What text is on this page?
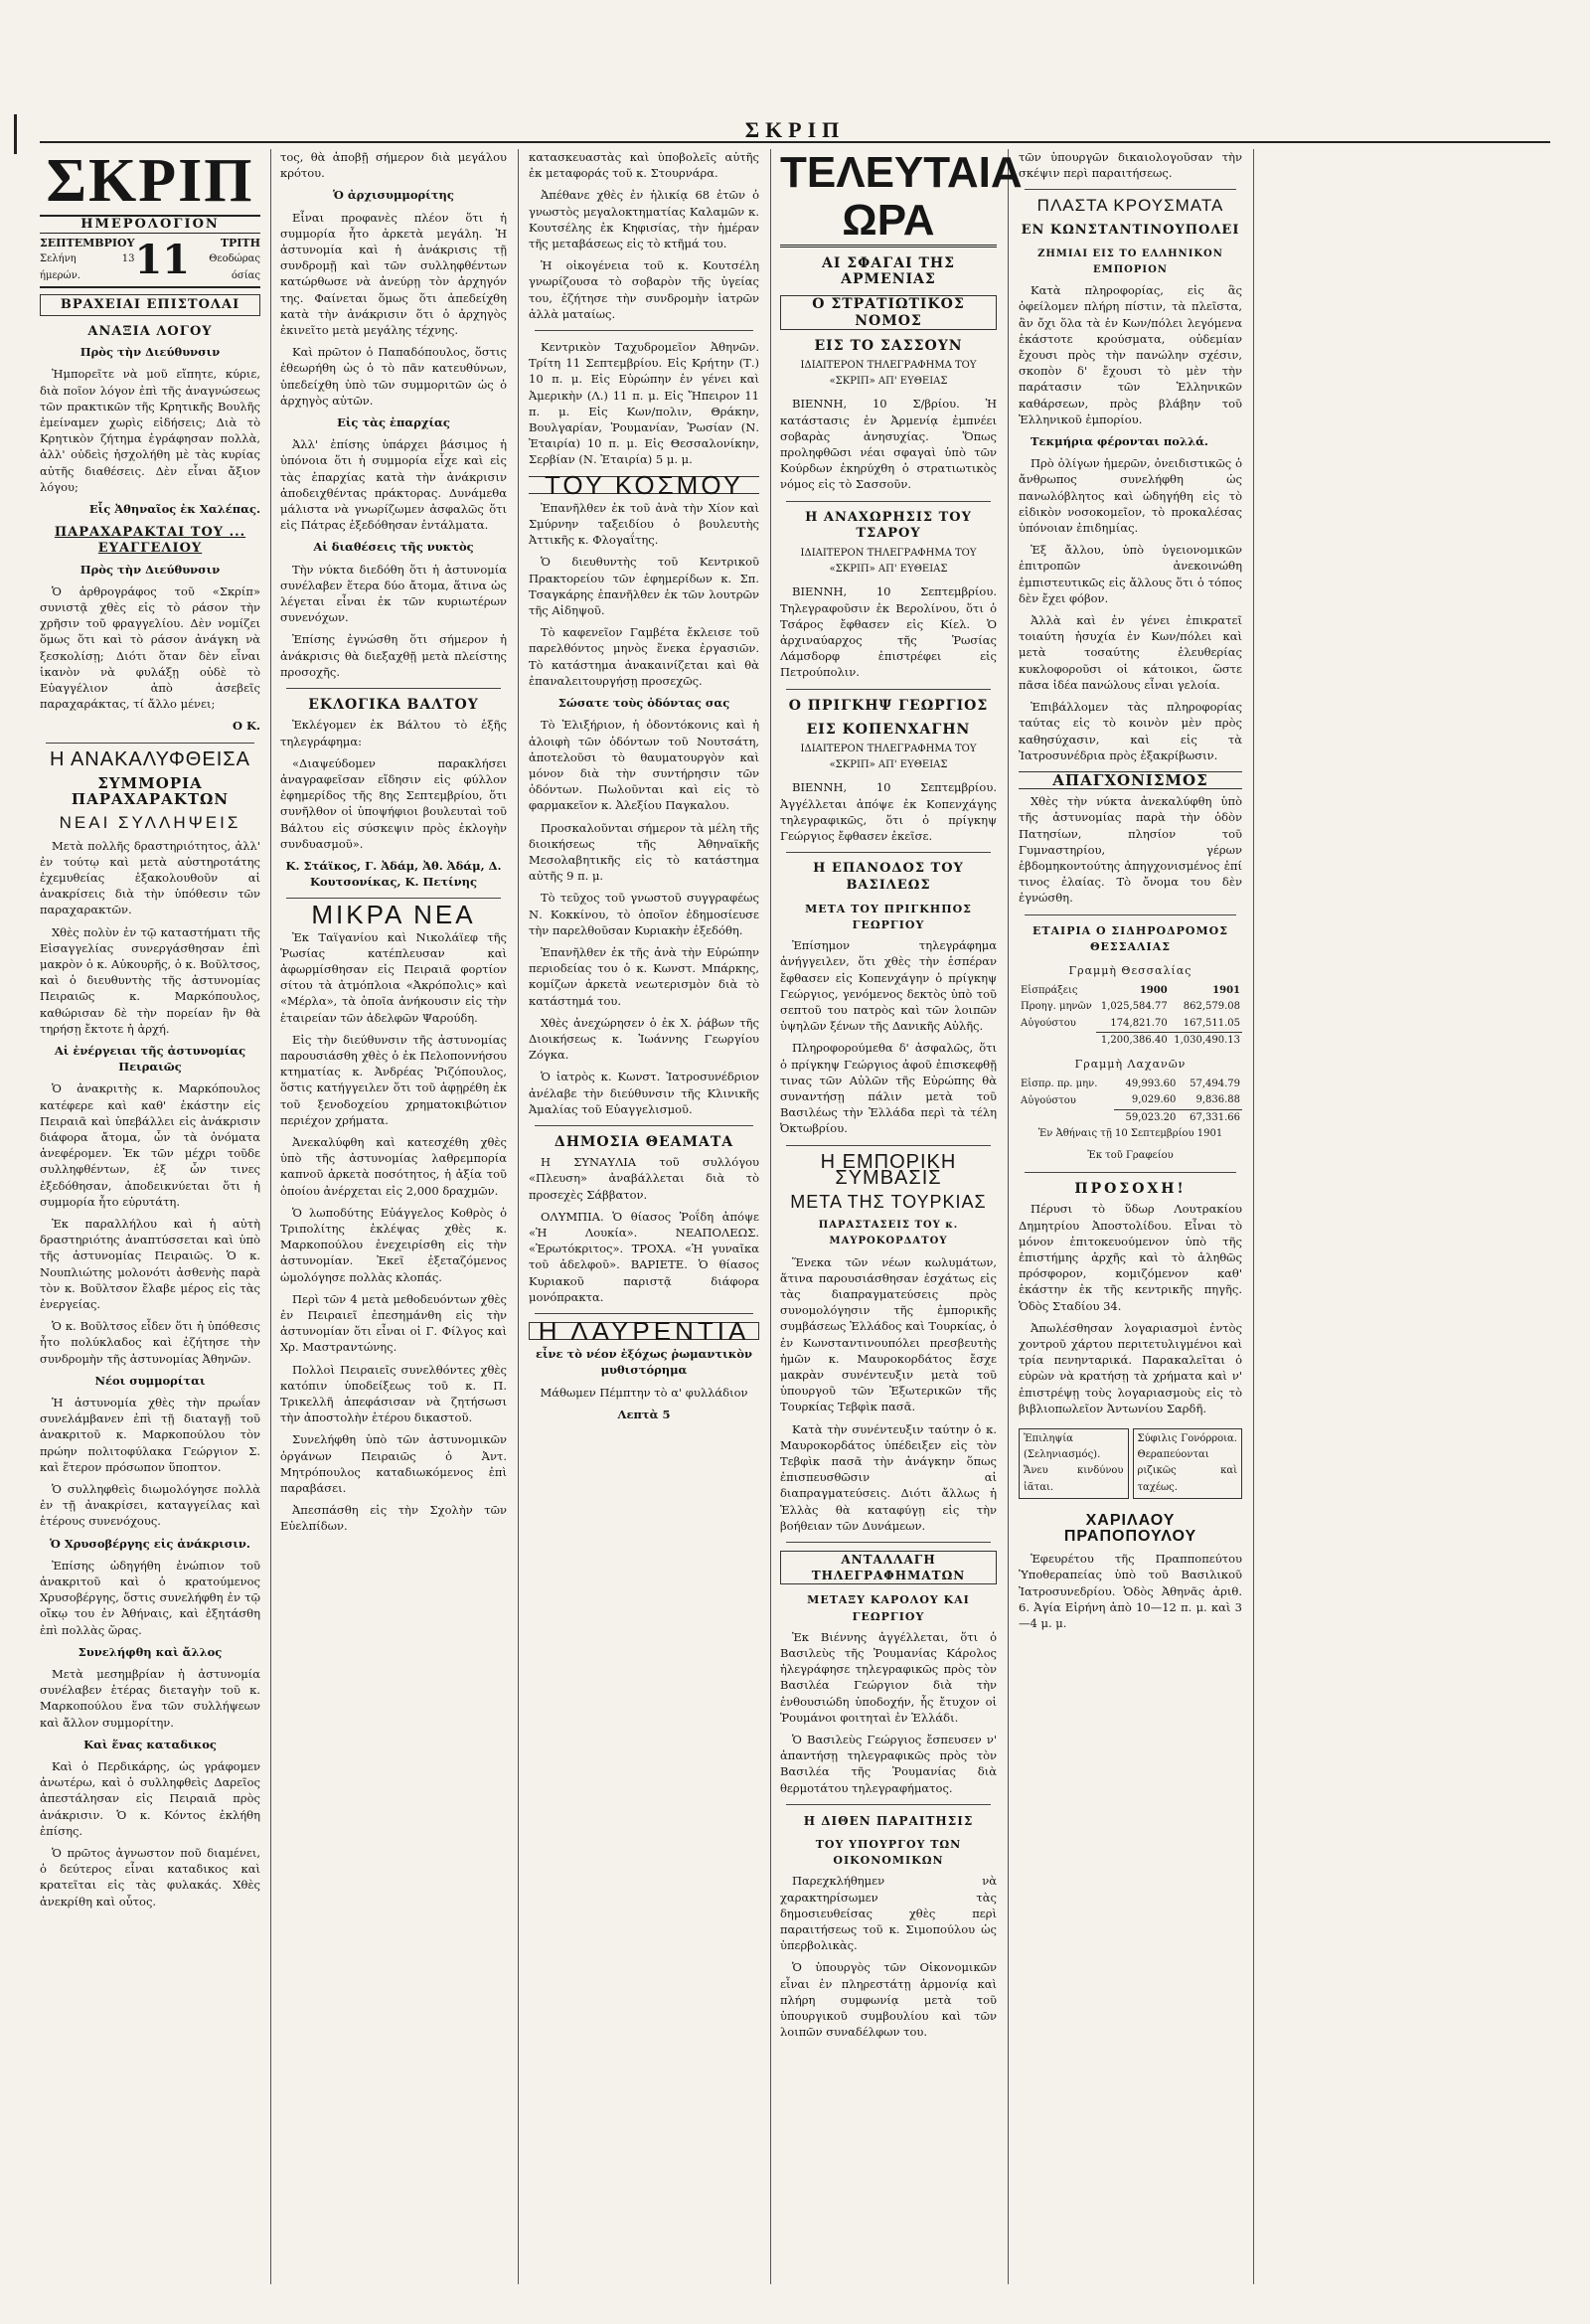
ΣΚΡΙΠ
ΣΚΡΙΠ
ΗΜΕΡΟΛΟΓΙΟΝ
ΣΕΠΤΕΜΒΡΙΟΥ
Σελήνη 13 ήμερών.	11	ΤΡΙΤΗ
Θεοδώρας όσίας
ΒΡΑΧΕΙΑΙ ΕΠΙΣΤΟΛΑΙ
ΑΝΑΞΙΑ ΛΟΓΟΥ

Πρὸς τὴν Διεύθυνσιν

Ἠμπορεῖτε νὰ μοῦ εἴπητε, κύριε, διὰ ποῖον λόγον ἐπὶ τῆς ἀναγνώσεως τῶν πρακτικῶν τῆς Κρητικῆς Βουλῆς ἐμείναμεν χωρὶς εἰδήσεις; Διὰ τὸ Κρητικὸν ζήτημα ἐγράφησαν πολλὰ, ἀλλ' οὐδεὶς ἠσχολήθη μὲ τὰς κυρίας αὐτῆς διαθέσεις. Δὲν εἶναι ἄξιον λόγου;

Εἷς Ἀθηναῖος ἐκ Χαλέπας.

ΠΑΡΑΧΑΡΑΚΤΑΙ ΤΟΥ ... ΕΥΑΓΓΕΛΙΟΥ

Πρὸς τὴν Διεύθυνσιν

Ὁ ἀρθρογράφος τοῦ «Σκρίπ» συνιστᾷ χθὲς εἰς τὸ ράσον τὴν χρῆσιν τοῦ φραγγελίου. Δὲν νομίζει ὅμως ὅτι καὶ τὸ ράσον ἀνάγκη νὰ ξεσκολίσῃ; Διότι ὅταν δὲν εἶναι ἱκανὸν νὰ φυλάξῃ οὐδὲ τὸ Εὐαγγέλιον ἀπὸ ἀσεβεῖς παραχαράκτας, τί ἄλλο μένει;

Ο Κ.

Η ΑΝΑΚΑΛΥΦΘΕΙΣΑ
ΣΥΜΜΟΡΙΑ ΠΑΡΑΧΑΡΑΚΤΩΝ
ΝΕΑΙ ΣΥΛΛΗΨΕΙΣ

Μετὰ πολλῆς δραστηριότητος, ἀλλ' ἐν τούτῳ καὶ μετὰ αὐστηροτάτης ἐχεμυθείας ἐξακολουθοῦν αἱ ἀνακρίσεις διὰ τὴν ὑπόθεσιν τῶν παραχαρακτῶν.

Χθὲς πολὺν ἐν τῷ καταστήματι τῆς Εἰσαγγελίας συνεργάσθησαν ἐπὶ μακρὸν ὁ κ. Αὐκουρῆς, ὁ κ. Βοῦλτσος, καὶ ὁ διευθυντὴς τῆς ἀστυνομίας Πειραιῶς κ. Μαρκόπουλος, καθώρισαν δὲ τὴν πορείαν ἣν θὰ τηρήσῃ ἔκτοτε ἡ ἀρχή.

Αἱ ἐνέργειαι τῆς ἀστυνομίας Πειραιῶς

Ὁ ἀνακριτὴς κ. Μαρκόπουλος κατέφερε καὶ καθ' ἑκάστην εἰς Πειραιᾶ καὶ ὑπεβάλλει εἰς ἀνάκρισιν διάφορα ἄτομα, ὧν τὰ ὀνόματα ἀνεφέρομεν. Ἐκ τῶν μέχρι τοῦδε συλληφθέντων, ἐξ ὧν τινες ἐξεδόθησαν, ἀποδεικνύεται ὅτι ἡ συμμορία ἦτο εὐρυτάτη.

Ἐκ παραλλήλου καὶ ἡ αὐτὴ δραστηριότης ἀναπτύσσεται καὶ ὑπὸ τῆς ἀστυνομίας Πειραιῶς. Ὁ κ. Νουπλιώτης μολονότι ἀσθενὴς παρὰ τὸν κ. Βοῦλτσον ἔλαβε μέρος εἰς τὰς ἐνεργείας.

Ὁ κ. Βοῦλτσος εἶδεν ὅτι ἡ ὑπόθεσις ἦτο πολύκλαδος καὶ ἐζήτησε τὴν συνδρομὴν τῆς ἀστυνομίας Ἀθηνῶν.

Νέοι συμμορίται

Ἡ ἀστυνομία χθὲς τὴν πρωΐαν συνελάμβανεν ἐπὶ τῇ διαταγῇ τοῦ ἀνακριτοῦ κ. Μαρκοπούλου τὸν πρώην πολιτοφύλακα Γεώργιον Σ. καὶ ἕτερον πρόσωπον ὕποπτον.

Ὁ συλληφθεὶς διωμολόγησε πολλὰ ἐν τῇ ἀνακρίσει, καταγγείλας καὶ ἑτέρους συνενόχους.

Ὁ Χρυσοβέργης εἰς ἀνάκρισιν.

Ἐπίσης ὡδηγήθη ἐνώπιον τοῦ ἀνακριτοῦ καὶ ὁ κρατούμενος Χρυσοβέργης, ὅστις συνελήφθη ἐν τῷ οἴκῳ του ἐν Ἀθήναις, καὶ ἐξητάσθη ἐπὶ πολλὰς ὥρας.

Συνελήφθη καὶ ἄλλος

Μετὰ μεσημβρίαν ἡ ἀστυνομία συνέλαβεν ἑτέρας διεταγὴν τοῦ κ. Μαρκοπούλου ἕνα τῶν συλλήψεων καὶ ἄλλον συμμορίτην.

Καὶ ἕνας καταδικος

Καὶ ὁ Περδικάρης, ὡς γράφομεν ἀνωτέρω, καὶ ὁ συλληφθεὶς Δαρεῖος ἀπεστάλησαν εἰς Πειραιᾶ πρὸς ἀνάκρισιν. Ὁ κ. Κόντος ἐκλήθη ἐπίσης.

Ὁ πρῶτος ἀγνωστον ποῦ διαμένει, ὁ δεύτερος εἶναι καταδικος καὶ κρατεῖται εἰς τὰς φυλακάς. Χθὲς ἀνεκρίθη καὶ οὗτος.

τος, θὰ ἀποβῇ σήμερον διὰ μεγάλου κρότου.

Ὁ ἀρχισυμμορίτης

Εἶναι προφανὲς πλέον ὅτι ἡ συμμορία ἦτο ἀρκετὰ μεγάλη. Ἡ ἀστυνομία καὶ ἡ ἀνάκρισις τῇ συνδρομῇ καὶ τῶν συλληφθέντων κατώρθωσε νὰ ἀνεύρῃ τὸν ἀρχηγόν της. Φαίνεται ὅμως ὅτι ἀπεδείχθη κατὰ τὴν ἀνάκρισιν ὅτι ὁ ἀρχηγὸς ἐκινεῖτο μετὰ μεγάλης τέχνης.

Καὶ πρῶτον ὁ Παπαδόπουλος, ὅστις ἐθεωρήθη ὡς ὁ τὸ πᾶν κατευθύνων, ὑπεδείχθη ὑπὸ τῶν συμμοριτῶν ὡς ὁ ἀρχηγὸς αὐτῶν.

Εἰς τὰς ἐπαρχίας

Ἀλλ' ἐπίσης ὑπάρχει βάσιμος ἡ ὑπόνοια ὅτι ἡ συμμορία εἶχε καὶ εἰς τὰς ἐπαρχίας κατὰ τὴν ἀνάκρισιν ἀποδειχθέντας πράκτορας. Δυνάμεθα μάλιστα νὰ γνωρίζωμεν ἀσφαλῶς ὅτι εἰς Πάτρας ἐξεδόθησαν ἐντάλματα.

Αἱ διαθέσεις τῆς νυκτὸς

Τὴν νύκτα διεδόθη ὅτι ἡ ἀστυνομία συνέλαβεν ἕτερα δύο ἄτομα, ἅτινα ὡς λέγεται εἶναι ἐκ τῶν κυριωτέρων συνενόχων.

Ἐπίσης ἐγνώσθη ὅτι σήμερον ἡ ἀνάκρισις θὰ διεξαχθῇ μετὰ πλείστης προσοχῆς.

ΕΚΛΟΓΙΚΑ ΒΑΛΤΟΥ

Ἐκλέγομεν ἐκ Βάλτου τὸ ἑξῆς τηλεγράφημα:

«Διαψεύδομεν παρακλήσει ἀναγραφεῖσαν εἴδησιν εἰς φύλλον ἐφημερίδος τῆς 8ης Σεπτεμβρίου, ὅτι συνῆλθον οἱ ὑποψήφιοι βουλευταὶ τοῦ Βάλτου εἰς σύσκεψιν πρὸς ἐκλογὴν συνδυασμοῦ».

Κ. Στάϊκος, Γ. Ἀδάμ, Ἀθ. Ἀδάμ, Δ. Κουτσονίκας, Κ. Πετίνης

ΜΙΚΡΑ ΝΕΑ

Ἐκ Ταϊγανίου καὶ Νικολάϊεφ τῆς Ῥωσίας κατέπλευσαν καὶ ἀφωρμίσθησαν εἰς Πειραιᾶ φορτίον σίτου τὰ ἀτμόπλοια «Ἀκρόπολις» καὶ «Μέρλα», τὰ ὁποῖα ἀνήκουσιν εἰς τὴν ἑταιρείαν τῶν ἀδελφῶν Ψαρούδη.

Εἰς τὴν διεύθυνσιν τῆς ἀστυνομίας παρουσιάσθη χθὲς ὁ ἐκ Πελοποννήσου κτηματίας κ. Ἀνδρέας Ῥιζόπουλος, ὅστις κατήγγειλεν ὅτι τοῦ ἀφῃρέθη ἐκ τοῦ ξενοδοχείου χρηματοκιβώτιον περιέχον χρήματα.

Ἀνεκαλύφθη καὶ κατεσχέθη χθὲς ὑπὸ τῆς ἀστυνομίας λαθρεμπορία καπνοῦ ἀρκετὰ ποσότητος, ἡ ἀξία τοῦ ὁποίου ἀνέρχεται εἰς 2,000 δραχμῶν.

Ὁ λωποδύτης Εὐάγγελος Κοθρὸς ὁ Τριπολίτης ἐκλέψας χθὲς κ. Μαρκοπούλου ἐνεχειρίσθη εἰς τὴν ἀστυνομίαν. Ἐκεῖ ἐξεταζόμενος ὡμολόγησε πολλὰς κλοπάς.

Περὶ τῶν 4 μετὰ μεθοδευόντων χθὲς ἐν Πειραιεῖ ἐπεσημάνθη εἰς τὴν ἀστυνομίαν ὅτι εἶναι οἱ Γ. Φίλγος καὶ Χρ. Μαστραντώνης.

Πολλοὶ Πειραιεῖς συνελθόντες χθὲς κατόπιν ὑποδείξεως τοῦ κ. Π. Τρικελλῆ ἀπεφάσισαν νὰ ζητήσωσι τὴν ἀποστολὴν ἑτέρου δικαστοῦ.

Συνελήφθη ὑπὸ τῶν ἀστυνομικῶν ὀργάνων Πειραιῶς ὁ Ἀντ. Μητρόπουλος καταδιωκόμενος ἐπὶ παραβάσει.

Ἀπεσπάσθη εἰς τὴν Σχολὴν τῶν Εὐελπίδων.

κατασκευαστὰς καὶ ὑποβολεῖς αὐτῆς ἐκ μεταφοράς τοῦ κ. Στουρνάρα.

Ἀπέθανε χθὲς ἐν ἡλικίᾳ 68 ἐτῶν ὁ γνωστὸς μεγαλοκτηματίας Καλαμῶν κ. Κουτσέλης ἐκ Κηφισίας, τὴν ἡμέραν τῆς μεταβάσεως εἰς τὸ κτῆμά του.

Ἡ οἰκογένεια τοῦ κ. Κουτσέλη γνωρίζουσα τὸ σοβαρὸν τῆς ὑγείας του, ἐζήτησε τὴν συνδρομὴν ἰατρῶν ἀλλὰ ματαίως.

Κεντρικὸν Ταχυδρομεῖον Ἀθηνῶν. Τρίτη 11 Σεπτεμβρίου. Εἰς Κρήτην (Τ.) 10 π. μ. Εἰς Εὐρώπην ἐν γένει καὶ Ἀμερικὴν (Λ.) 11 π. μ. Εἰς Ἤπειρον 11 π. μ. Εἰς Κων/πολιν, Θράκην, Βουλγαρίαν, Ῥουμανίαν, Ῥωσίαν (Ν. Ἐταιρία) 10 π. μ. Εἰς Θεσσαλονίκην, Σερβίαν (Ν. Ἐταιρία) 5 μ. μ.

ΤΟΥ ΚΟΣΜΟΥ

Ἐπανῆλθεν ἐκ τοῦ ἀνὰ τὴν Χίον καὶ Σμύρνην ταξειδίου ὁ βουλευτὴς Ἀττικῆς κ. Φλογαΐτης.

Ὁ διευθυντὴς τοῦ Κεντρικοῦ Πρακτορείου τῶν ἐφημερίδων κ. Σπ. Τσαγκάρης ἐπανῆλθεν ἐκ τῶν λουτρῶν τῆς Αἰδηψοῦ.

Τὸ καφενεῖον Γαμβέτα ἔκλεισε τοῦ παρελθόντος μηνὸς ἕνεκα ἐργασιῶν. Τὸ κατάστημα ἀνακαινίζεται καὶ θὰ ἐπαναλειτουργήσῃ προσεχῶς.

Σώσατε τοὺς ὀδόντας σας

Τὸ Ἐλιξήριον, ἡ ὀδοντόκονις καὶ ἡ ἀλοιφὴ τῶν ὀδόντων τοῦ Νουτσάτη, ἀποτελοῦσι τὸ θαυματουργὸν καὶ μόνον διὰ τὴν συντήρησιν τῶν ὀδόντων. Πωλοῦνται καὶ εἰς τὸ φαρμακεῖον κ. Ἀλεξίου Παγκαλου.

Προσκαλοῦνται σήμερον τὰ μέλη τῆς διοικήσεως τῆς Ἀθηναϊκῆς Μεσολαβητικῆς εἰς τὸ κατάστημα αὐτῆς 9 π. μ.

Τὸ τεῦχος τοῦ γνωστοῦ συγγραφέως Ν. Κοκκίνου, τὸ ὁποῖον ἐδημοσίευσε τὴν παρελθοῦσαν Κυριακὴν ἐξεδόθη.

Ἐπανῆλθεν ἐκ τῆς ἀνὰ τὴν Εὐρώπην περιοδείας του ὁ κ. Κωνστ. Μπάρκης, κομίζων ἀρκετὰ νεωτερισμὸν διὰ τὸ κατάστημά του.

Χθὲς ἀνεχώρησεν ὁ ἐκ Χ. ῥάβων τῆς Διοικήσεως κ. Ἰωάννης Γεωργίου Ζόγκα.

Ὁ ἰατρὸς κ. Κωνστ. Ἰατροσυνέδριον ἀνέλαβε τὴν διεύθυνσιν τῆς Κλινικῆς Ἀμαλίας τοῦ Εὐαγγελισμοῦ.

ΔΗΜΟΣΙΑ ΘΕΑΜΑΤΑ

Η ΣΥΝΑΥΛΙΑ τοῦ συλλόγου «Πλευση» ἀναβάλλεται διὰ τὸ προσεχὲς Σάββατον.

ΟΛΥΜΠΙΑ. Ὁ θίασος Ῥοΐδη ἀπόψε «Ἡ Λουκία». ΝΕΑΠΟΛΕΩΣ. «Ἐρωτόκριτος». ΤΡΟΧΑ. «Ἡ γυναῖκα τοῦ ἀδελφοῦ». ΒΑΡΙΕΤΕ. Ὁ θίασος Κυριακοῦ παριστᾷ διάφορα μονόπρακτα.

Η ΛΑΥΡΕΝΤΙΑ

εἶνε τὸ νέον ἐξόχως ῥωμαντικὸν μυθιστόρημα

Μάθωμεν Πέμπτην τὸ α' φυλλάδιον

Λεπτὰ 5

ΤΕΛΕΥΤΑΙΑ ΩΡΑ
ΑΙ ΣΦΑΓΑΙ ΤΗΣ ΑΡΜΕΝΙΑΣ
Ο ΣΤΡΑΤΙΩΤΙΚΟΣ ΝΟΜΟΣ
ΕΙΣ ΤΟ ΣΑΣΣΟΥΝ

ΙΔΙΑΙΤΕΡΟΝ ΤΗΛΕΓΡΑΦΗΜΑ ΤΟΥ «ΣΚΡΙΠ» ΑΠ' ΕΥΘΕΙΑΣ

ΒΙΕΝΝΗ, 10 Σ/βρίου. Ἡ κατάστασις ἐν Ἀρμενίᾳ ἐμπνέει σοβαρὰς ἀνησυχίας. Ὅπως προληφθῶσι νέαι σφαγαὶ ὑπὸ τῶν Κούρδων ἐκηρύχθη ὁ στρατιωτικὸς νόμος εἰς τὸ Σασσοῦν.

Η ΑΝΑΧΩΡΗΣΙΣ ΤΟΥ ΤΣΑΡΟΥ

ΙΔΙΑΙΤΕΡΟΝ ΤΗΛΕΓΡΑΦΗΜΑ ΤΟΥ «ΣΚΡΙΠ» ΑΠ' ΕΥΘΕΙΑΣ

ΒΙΕΝΝΗ, 10 Σεπτεμβρίου. Τηλεγραφοῦσιν ἐκ Βερολίνου, ὅτι ὁ Τσάρος ἔφθασεν εἰς Κίελ. Ὁ ἀρχιναύαρχος τῆς Ῥωσίας Λάμσδορφ ἐπιστρέφει εἰς Πετρούπολιν.

Ο ΠΡΙΓΚΗΨ ΓΕΩΡΓΙΟΣ
ΕΙΣ ΚΟΠΕΝΧΑΓΗΝ

ΙΔΙΑΙΤΕΡΟΝ ΤΗΛΕΓΡΑΦΗΜΑ ΤΟΥ «ΣΚΡΙΠ» ΑΠ' ΕΥΘΕΙΑΣ

ΒΙΕΝΝΗ, 10 Σεπτεμβρίου. Ἀγγέλλεται ἀπόψε ἐκ Κοπενχάγης τηλεγραφικῶς, ὅτι ὁ πρίγκηψ Γεώργιος ἔφθασεν ἐκεῖσε.

Η ΕΠΑΝΟΔΟΣ ΤΟΥ ΒΑΣΙΛΕΩΣ
ΜΕΤΑ ΤΟΥ ΠΡΙΓΚΗΠΟΣ ΓΕΩΡΓΙΟΥ

Ἐπίσημον τηλεγράφημα ἀνήγγειλεν, ὅτι χθὲς τὴν ἑσπέραν ἔφθασεν εἰς Κοπενχάγην ὁ πρίγκηψ Γεώργιος, γενόμενος δεκτὸς ὑπὸ τοῦ σεπτοῦ του πατρὸς καὶ τῶν λοιπῶν ὑψηλῶν ξένων τῆς Δανικῆς Αὐλῆς.

Πληροφορούμεθα δ' ἀσφαλῶς, ὅτι ὁ πρίγκηψ Γεώργιος ἀφοῦ ἐπισκεφθῇ τινας τῶν Αὐλῶν τῆς Εὐρώπης θὰ συναντήσῃ πάλιν μετὰ τοῦ Βασιλέως τὴν Ἑλλάδα περὶ τὰ τέλη Ὀκτωβρίου.

Η ΕΜΠΟΡΙΚΗ ΣΥΜΒΑΣΙΣ
ΜΕΤΑ ΤΗΣ ΤΟΥΡΚΙΑΣ
ΠΑΡΑΣΤΑΣΕΙΣ ΤΟΥ κ. ΜΑΥΡΟΚΟΡΔΑΤΟΥ

Ἕνεκα τῶν νέων κωλυμάτων, ἅτινα παρουσιάσθησαν ἐσχάτως εἰς τὰς διαπραγματεύσεις πρὸς συνομολόγησιν τῆς ἐμπορικῆς συμβάσεως Ἑλλάδος καὶ Τουρκίας, ὁ ἐν Κωνσταντινουπόλει πρεσβευτὴς ἡμῶν κ. Μαυροκορδάτος ἔσχε μακρὰν συνέντευξιν μετὰ τοῦ ὑπουργοῦ τῶν Ἐξωτερικῶν τῆς Τουρκίας Τεβφὶκ πασᾶ.

Κατὰ τὴν συνέντευξιν ταύτην ὁ κ. Μαυροκορδάτος ὑπέδειξεν εἰς τὸν Τεβφὶκ πασᾶ τὴν ἀνάγκην ὅπως ἐπισπευσθῶσιν αἱ διαπραγματεύσεις. Διότι ἄλλως ἡ Ἑλλὰς θὰ καταφύγῃ εἰς τὴν βοήθειαν τῶν Δυνάμεων.

ΑΝΤΑΛΛΑΓΗ ΤΗΛΕΓΡΑΦΗΜΑΤΩΝ
ΜΕΤΑΞΥ ΚΑΡΟΛΟΥ ΚΑΙ ΓΕΩΡΓΙΟΥ

Ἐκ Βιέννης ἀγγέλλεται, ὅτι ὁ Βασιλεὺς τῆς Ῥουμανίας Κάρολος ἠλεγράφησε τηλεγραφικῶς πρὸς τὸν Βασιλέα Γεώργιον διὰ τὴν ἐνθουσιώδη ὑποδοχήν, ἧς ἔτυχον οἱ Ῥουμάνοι φοιτηταὶ ἐν Ἑλλάδι.

Ὁ Βασιλεὺς Γεώργιος ἔσπευσεν ν' ἀπαντήσῃ τηλεγραφικῶς πρὸς τὸν Βασιλέα τῆς Ῥουμανίας διὰ θερμοτάτου τηλεγραφήματος.

Η ΔΙΘΕΝ ΠΑΡΑΙΤΗΣΙΣ
ΤΟΥ ΥΠΟΥΡΓΟΥ ΤΩΝ ΟΙΚΟΝΟΜΙΚΩΝ

Παρεχκλήθημεν νὰ χαρακτηρίσωμεν τὰς δημοσιευθείσας χθὲς περὶ παραιτήσεως τοῦ κ. Σιμοπούλου ὡς ὑπερβολικὰς.

Ὁ ὑπουργὸς τῶν Οἰκονομικῶν εἶναι ἐν πληρεστάτῃ ἁρμονίᾳ καὶ πλήρη συμφωνίᾳ μετὰ τοῦ ὑπουργικοῦ συμβουλίου καὶ τῶν λοιπῶν συναδέλφων του.

τῶν ὑπουργῶν δικαιολογοῦσαν τὴν σκέψιν περὶ παραιτήσεως.

ΠΛΑΣΤΑ ΚΡΟΥΣΜΑΤΑ
ΕΝ ΚΩΝΣΤΑΝΤΙΝΟΥΠΟΛΕΙ
ΖΗΜΙΑΙ ΕΙΣ ΤΟ ΕΛΛΗΝΙΚΟΝ ΕΜΠΟΡΙΟΝ

Κατὰ πληροφορίας, εἰς ἃς ὀφείλομεν πλήρη πίστιν, τὰ πλεῖστα, ἂν ὄχι ὅλα τὰ ἐν Κων/πόλει λεγόμενα ἑκάστοτε κρούσματα, οὐδεμίαν ἔχουσι πρὸς τὴν πανώλην σχέσιν, σκοπὸν δ' ἔχουσι τὸ μὲν τὴν παράτασιν τῶν Ἑλληνικῶν καθάρσεων, πρὸς βλάβην τοῦ Ἑλληνικοῦ ἐμπορίου.

Τεκμήρια φέρονται πολλά.

Πρὸ ὀλίγων ἡμερῶν, ὀνειδιστικῶς ὁ ἄνθρωπος συνελήφθη ὡς πανωλόβλητος καὶ ὡδηγήθη εἰς τὸ εἰδικὸν νοσοκομεῖον, τὸ προκαλέσας ὑπόνοιαν ἐπιδημίας.

Ἐξ ἄλλου, ὑπὸ ὑγειονομικῶν ἐπιτροπῶν ἀνεκοινώθη ἐμπιστευτικῶς εἰς ἄλλους ὅτι ὁ τόπος δὲν ἔχει φόβον.

Ἀλλὰ καὶ ἐν γένει ἐπικρατεῖ τοιαύτη ἡσυχία ἐν Κων/πόλει καὶ μετὰ τοσαύτης ἐλευθερίας κυκλοφοροῦσι οἱ κάτοικοι, ὥστε πᾶσα ἰδέα πανώλους εἶναι γελοία.

Ἐπιβάλλομεν τὰς πληροφορίας ταύτας εἰς τὸ κοινὸν μὲν πρὸς καθησύχασιν, καὶ εἰς τὰ Ἰατροσυνέδρια πρὸς ἐξακρίβωσιν.

ΑΠΑΓΧΟΝΙΣΜΟΣ

Χθὲς τὴν νύκτα ἀνεκαλύφθη ὑπὸ τῆς ἀστυνομίας παρὰ τὴν ὁδὸν Πατησίων, πλησίον τοῦ Γυμναστηρίου, γέρων ἑβδομηκοντούτης ἀπηγχονισμένος ἐπί τινος ἐλαίας. Τὸ ὄνομα του δὲν ἐγνώσθη.

ΕΤΑΙΡΙΑ Ο ΣΙΔΗΡΟΔΡΟΜΟΣ ΘΕΣΣΑΛΙΑΣ
Γραμμὴ Θεσσαλίας
Εἰσπράξεις	1900	1901
Προηγ. μηνῶν	1,025,584.77	862,579.08
Αὐγούστου	174,821.70	167,511.05
	1,200,386.40	1,030,490.13
Γραμμὴ Λαχανῶν
Εἰσπρ. πρ. μην.	49,993.60	57,494.79
Αὐγούστου	9,029.60	9,836.88
	59,023.20	67,331.66

Ἐν Ἀθήναις τῇ 10 Σεπτεμβρίου 1901

Ἐκ τοῦ Γραφείου

ΠΡΟΣΟΧΗ!

Πέρυσι τὸ ὕδωρ Λουτρακίου Δημητρίου Ἀποστολίδου. Εἶναι τὸ μόνον ἐπιτοκευούμενον ὑπὸ τῆς ἐπιστήμης ἀρχῆς καὶ τὸ ἀληθῶς πρόσφορον, κομιζόμενον καθ' ἑκάστην ἐκ τῆς κεντρικῆς πηγῆς. Ὁδὸς Σταδίου 34.

Ἀπωλέσθησαν λογαριασμοὶ ἐντὸς χοντροῦ χάρτου περιτετυλιγμένοι καὶ τρία πενηνταρικά. Παρακαλεῖται ὁ εὑρὼν νὰ κρατήσῃ τὰ χρήματα καὶ ν' ἐπιστρέψῃ τοὺς λογαριασμοὺς εἰς τὸ βιβλιοπωλεῖον Ἀντωνίου Σαρδῆ.

Ἐπιληψία (Σεληνιασμός). Ἄνευ κινδύνου ἰᾶται.

Σύφιλις Γονόρροια. Θεραπεύονται ριζικῶς καὶ ταχέως.

ΧΑΡΙΛΑΟΥ ΠΡΑΠΟΠΟΥΛΟΥ

Ἐφευρέτου τῆς Πραπποπεύτου Ὑποθεραπείας ὑπὸ τοῦ Βασιλικοῦ Ἰατροσυνεδρίου. Ὁδὸς Ἀθηνᾶς ἀριθ. 6. Ἀγία Εἰρήνη ἀπὸ 10—12 π. μ. καὶ 3—4 μ. μ.
